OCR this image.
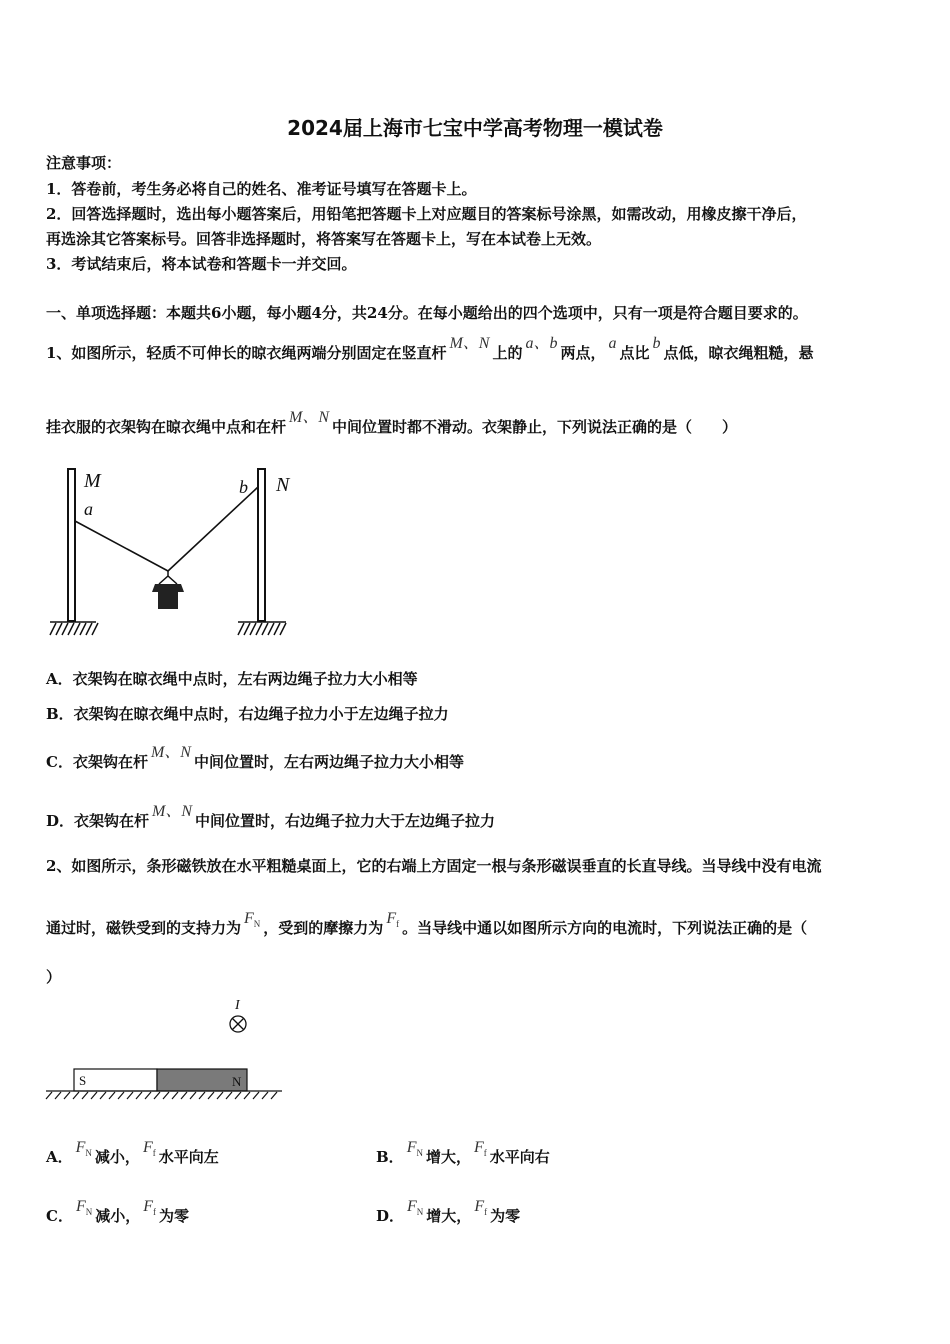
2024届上海市七宝中学高考物理一模试卷
注意事项：
1．答卷前，考生务必将自己的姓名、准考证号填写在答题卡上。
2．回答选择题时，选出每小题答案后，用铅笔把答题卡上对应题目的答案标号涂黑，如需改动，用橡皮擦干净后，
再选涂其它答案标号。回答非选择题时，将答案写在答题卡上，写在本试卷上无效。
3．考试结束后，将本试卷和答题卡一并交回。
一、单项选择题：本题共6小题，每小题4分，共24分。在每小题给出的四个选项中，只有一项是符合题目要求的。
1、如图所示，轻质不可伸长的晾衣绳两端分别固定在竖直杆M、N上的a、b两点，a点比b点低，晾衣绳粗糙，悬
挂衣服的衣架钩在晾衣绳中点和在杆M、N中间位置时都不滑动。衣架静止，下列说法正确的是（　　）
M
a
b N
A．衣架钩在晾衣绳中点时，左右两边绳子拉力大小相等
B．衣架钩在晾衣绳中点时，右边绳子拉力小于左边绳子拉力
C．衣架钩在杆M、N中间位置时，左右两边绳子拉力大小相等
D．衣架钩在杆M、N中间位置时，右边绳子拉力大于左边绳子拉力
2、如图所示，条形磁铁放在水平粗糙桌面上，它的右端上方固定一根与条形磁误垂直的长直导线。当导线中没有电流
通过时，磁铁受到的支持力为$F_N$ ，受到的摩擦力为$F_f$ 。当导线中通以如图所示方向的电流时，下列说法正确的是（
）
I
S	N
A．$F_N$ 减小，$F_f$ 水平向左	B．$F_N$ 增大，$F_f$ 水平向右
C．$F_N$ 减小，$F_f$ 为零	D．$F_N$ 增大，$F_f$ 为零
